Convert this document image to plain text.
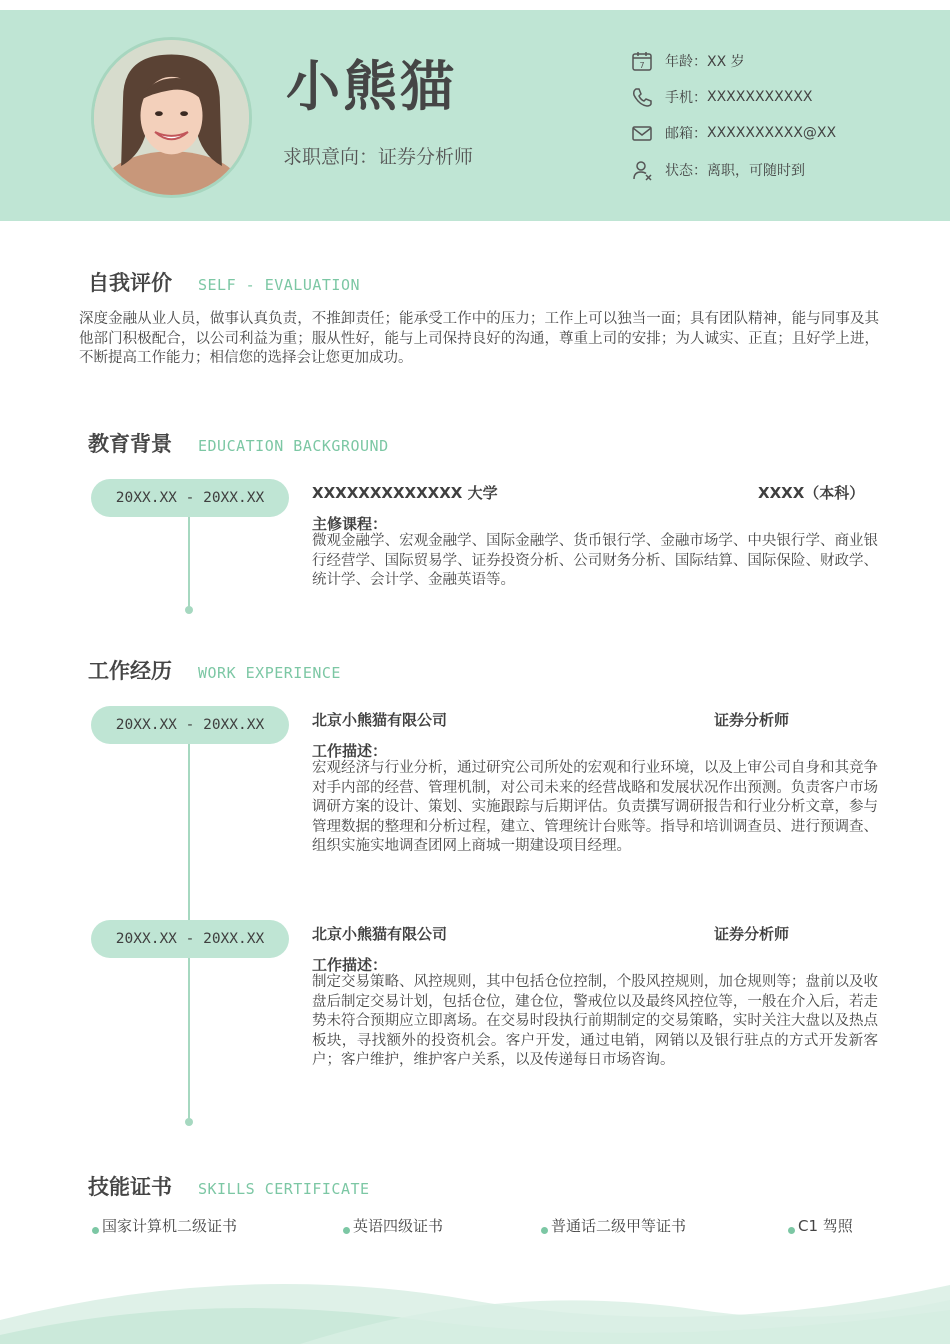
小熊猫
求职意向：证券分析师
7 年龄： XX 岁
手机： XXXXXXXXXXX
邮箱： XXXXXXXXXX@XX
状态： 离职，可随时到
自我评价 SELF - EVALUATION
深度金融从业人员，做事认真负责，不推卸责任；能承受工作中的压力；工作上可以独当一面；具有团队精神，能与同事及其他部门积极配合，以公司利益为重；服从性好，能与上司保持良好的沟通，尊重上司的安排；为人诚实、正直；且好学上进，不断提高工作能力；相信您的选择会让您更加成功。
教育背景 EDUCATION BACKGROUND
20XX.XX - 20XX.XX	XXXXXXXXXXXXX 大学	XXXX（本科）
主修课程：
微观金融学、宏观金融学、国际金融学、货币银行学、金融市场学、中央银行学、商业银行经营学、国际贸易学、证券投资分析、公司财务分析、国际结算、国际保险、财政学、统计学、会计学、金融英语等。
工作经历 WORK EXPERIENCE
20XX.XX - 20XX.XX	北京小熊猫有限公司	证券分析师
工作描述：
宏观经济与行业分析，通过研究公司所处的宏观和行业环境，以及上审公司自身和其竞争对手内部的经营、管理机制，对公司未来的经营战略和发展状况作出预测。负责客户市场调研方案的设计、策划、实施跟踪与后期评估。负责撰写调研报告和行业分析文章，参与管理数据的整理和分析过程，建立、管理统计台账等。指导和培训调查员、进行预调查、组织实施实地调查团网上商城一期建设项目经理。
20XX.XX - 20XX.XX	北京小熊猫有限公司	证券分析师
工作描述：
制定交易策略、风控规则，其中包括仓位控制，个股风控规则，加仓规则等；盘前以及收盘后制定交易计划，包括仓位，建仓位，警戒位以及最终风控位等，一般在介入后，若走势未符合预期应立即离场。在交易时段执行前期制定的交易策略，实时关注大盘以及热点板块，寻找额外的投资机会。客户开发，通过电销，网销以及银行驻点的方式开发新客户；客户维护，维护客户关系，以及传递每日市场咨询。
技能证书 SKILLS CERTIFICATE
国家计算机二级证书	英语四级证书	普通话二级甲等证书	C1 驾照
